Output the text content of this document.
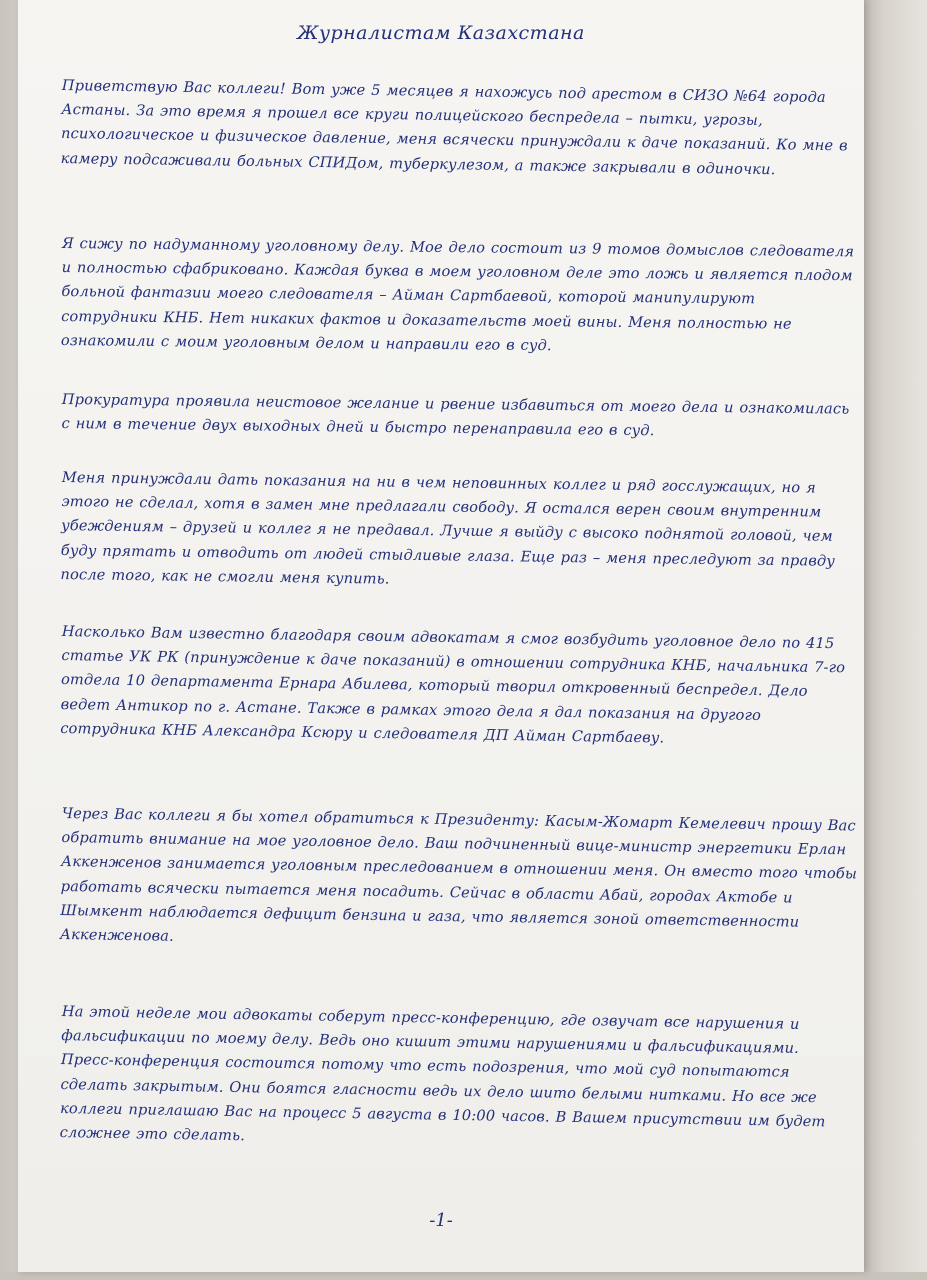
Журналистам Казахстана
Приветствую Вас коллеги! Вот уже 5 месяцев я нахожусь под арестом в СИЗО №64 города Астаны. За это время я прошел все круги полицейского беспредела – пытки, угрозы, психологическое и физическое давление, меня всячески принуждали к даче показаний. Ко мне в камеру подсаживали больных СПИДом, туберкулезом, а также закрывали в одиночки.
Я сижу по надуманному уголовному делу. Мое дело состоит из 9 томов домыслов следователя и полностью сфабриковано. Каждая буква в моем уголовном деле это ложь и является плодом больной фантазии моего следователя – Айман Сартбаевой, которой манипулируют сотрудники КНБ. Нет никаких фактов и доказательств моей вины. Меня полностью не ознакомили с моим уголовным делом и направили его в суд.
Прокуратура проявила неистовое желание и рвение избавиться от моего дела и ознакомилась с ним в течение двух выходных дней и быстро перенаправила его в суд.
Меня принуждали дать показания на ни в чем неповинных коллег и ряд госслужащих, но я этого не сделал, хотя в замен мне предлагали свободу. Я остался верен своим внутренним убеждениям – друзей и коллег я не предавал. Лучше я выйду с высоко поднятой головой, чем буду прятать и отводить от людей стыдливые глаза. Еще раз – меня преследуют за правду после того, как не смогли меня купить.
Насколько Вам известно благодаря своим адвокатам я смог возбудить уголовное дело по 415 статье УК РК (принуждение к даче показаний) в отношении сотрудника КНБ, начальника 7-го отдела 10 департамента Ернара Абилева, который творил откровенный беспредел. Дело ведет Антикор по г. Астане. Также в рамках этого дела я дал показания на другого сотрудника КНБ Александра Ксюру и следователя ДП Айман Сартбаеву.
Через Вас коллеги я бы хотел обратиться к Президенту: Касым-Жомарт Кемелевич прошу Вас обратить внимание на мое уголовное дело. Ваш подчиненный вице-министр энергетики Ерлан Аккенженов занимается уголовным преследованием в отношении меня. Он вместо того чтобы работать всячески пытается меня посадить. Сейчас в области Абай, городах Актобе и Шымкент наблюдается дефицит бензина и газа, что является зоной ответственности Аккенженова.
На этой неделе мои адвокаты соберут пресс-конференцию, где озвучат все нарушения и фальсификации по моему делу. Ведь оно кишит этими нарушениями и фальсификациями. Пресс-конференция состоится потому что есть подозрения, что мой суд попытаются сделать закрытым. Они боятся гласности ведь их дело шито белыми нитками. Но все же коллеги приглашаю Вас на процесс 5 августа в 10:00 часов. В Вашем присутствии им будет сложнее это сделать.
-1-
